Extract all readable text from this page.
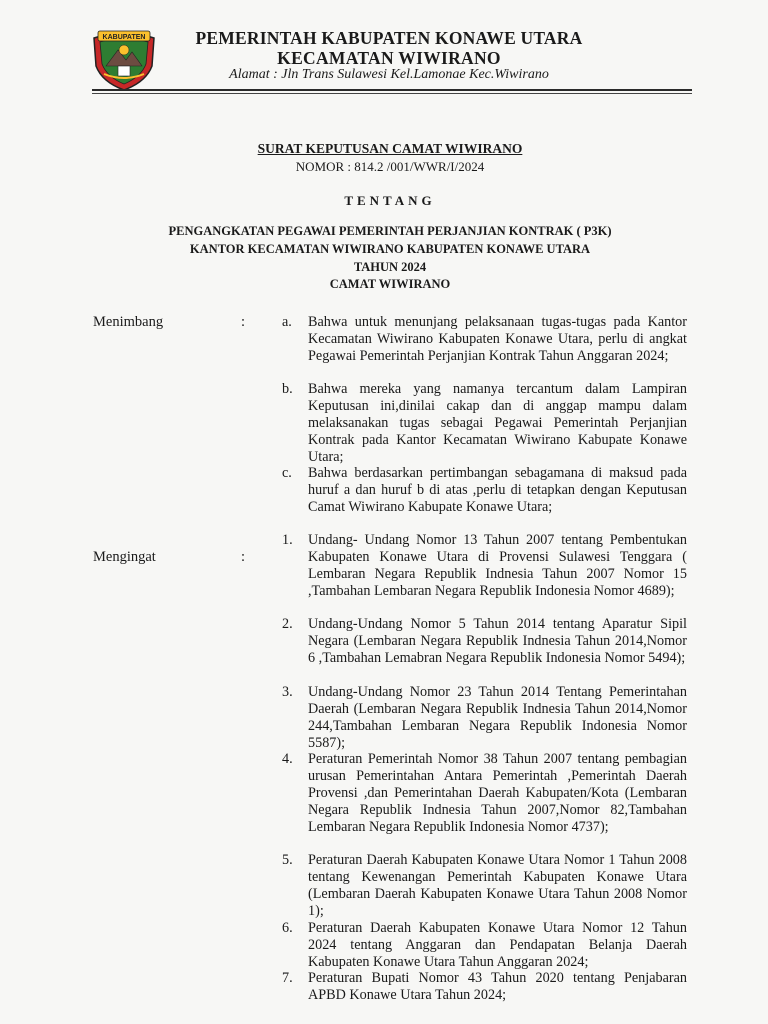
KABUPATEN	PEMERINTAH KABUPATEN KONAWE UTARA
KECAMATAN WIWIRANO
Alamat : Jln Trans Sulawesi Kel.Lamonae Kec.Wiwirano
SURAT KEPUTUSAN CAMAT WIWIRANO
NOMOR : 814.2 /001/WWR/I/2024
TENTANG
PENGANGKATAN PEGAWAI PEMERINTAH PERJANJIAN KONTRAK ( P3K)
KANTOR KECAMATAN WIWIRANO KABUPATEN KONAWE UTARA
TAHUN 2024
CAMAT WIWIRANO
Menimbang	:	a. Bahwa untuk menunjang pelaksanaan tugas-tugas pada Kantor Kecamatan Wiwirano Kabupaten Konawe Utara, perlu di angkat Pegawai Pemerintah Perjanjian Kontrak Tahun Anggaran 2024;
b. Bahwa mereka yang namanya tercantum dalam Lampiran Keputusan ini,dinilai cakap dan di anggap mampu dalam melaksanakan tugas sebagai Pegawai Pemerintah Perjanjian Kontrak pada Kantor Kecamatan Wiwirano Kabupate Konawe Utara;
c. Bahwa berdasarkan pertimbangan sebagamana di maksud pada huruf a dan huruf b di atas ,perlu di tetapkan dengan Keputusan Camat Wiwirano Kabupate Konawe Utara;
Mengingat	:
1. Undang- Undang Nomor 13 Tahun 2007 tentang Pembentukan Kabupaten Konawe Utara di Provensi Sulawesi Tenggara ( Lembaran Negara Republik Indnesia Tahun 2007 Nomor 15 ,Tambahan Lembaran Negara Republik Indonesia Nomor 4689);
2. Undang-Undang Nomor 5 Tahun 2014 tentang Aparatur Sipil Negara (Lembaran Negara Republik Indnesia Tahun 2014,Nomor 6 ,Tambahan Lemabran Negara Republik Indonesia Nomor 5494);
3. Undang-Undang Nomor 23 Tahun 2014 Tentang Pemerintahan Daerah (Lembaran Negara Republik Indnesia Tahun 2014,Nomor 244,Tambahan Lembaran Negara Republik Indonesia Nomor 5587);
4. Peraturan Pemerintah Nomor 38 Tahun 2007 tentang pembagian urusan Pemerintahan Antara Pemerintah ,Pemerintah Daerah Provensi ,dan Pemerintahan Daerah Kabupaten/Kota (Lembaran Negara Republik Indnesia Tahun 2007,Nomor 82,Tambahan Lembaran Negara Republik Indonesia Nomor 4737);
5. Peraturan Daerah Kabupaten Konawe Utara Nomor 1 Tahun 2008 tentang Kewenangan Pemerintah Kabupaten Konawe Utara (Lembaran Daerah Kabupaten Konawe Utara Tahun 2008 Nomor 1);
6. Peraturan Daerah Kabupaten Konawe Utara Nomor 12 Tahun 2024 tentang Anggaran dan Pendapatan Belanja Daerah Kabupaten Konawe Utara Tahun Anggaran 2024;
7. Peraturan Bupati Nomor 43 Tahun 2020 tentang Penjabaran APBD Konawe Utara Tahun 2024;
